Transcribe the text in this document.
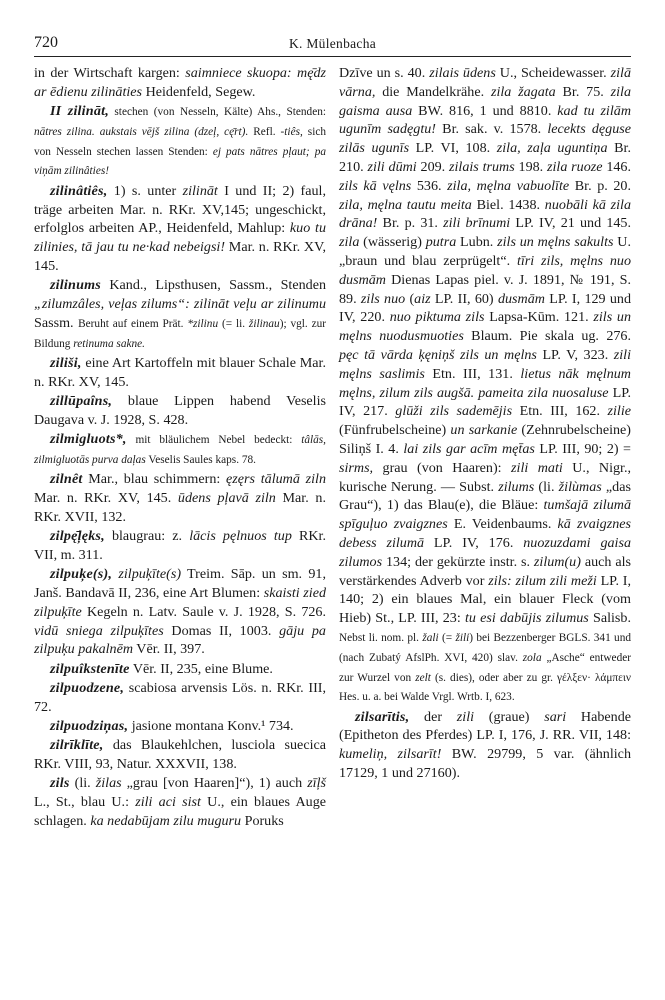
720	K. Mülenbacha

in der Wirtschaft kargen: saimniece skuopa: mę̄dz ar ēdienu zilinātіes Heidenfeld, Segew.

II zilināt, stechen (von Nesseln, Kälte) Ahs., Stenden: nātres zilina. aukstais vējš zilina (dzeļ, cę̄rt). Refl. -tiês, sich von Nesseln stechen lassen Stenden: ej pats nātres pļaut; pa viņām zilinâties!

zilinâtiês, 1) s. unter zilināt I und II; 2) faul, träge arbeiten Mar. n. RKr. XV,145; ungeschickt, erfolglos arbeiten AP., Heidenfeld, Mahlup: kuo tu zilinies, tā jau tu ne·kad nebeigsi! Mar. n. RKr. XV, 145.

zilinums Kand., Lipsthusen, Sassm., Stenden „zilumzâles, veļas zilums“: zilināt veļu ar zilinumu Sassm. Beruht auf einem Prät. *zilinu (= li. žilinau); vgl. zur Bildung retinuma sakne.

ziliši, eine Art Kartoffeln mit blauer Schale Mar. n. RKr. XV, 145.

zillūpaîns, blaue Lippen habend Veselis Daugava v. J. 1928, S. 428.

zilmigluots*, mit bläulichem Nebel bedeckt: tâlās, zilmigluotās purva daļas Veselis Saules kaps. 78.

zilnêt Mar., blau schimmern: ęzęrs tālumā ziln Mar. n. RKr. XV, 145. ūdens pļavā ziln Mar. n. RKr. XVII, 132.

zilpę̄ļęks, blaugrau: z. lācis pęlnuos tup RKr. VII, m. 311.

zilpuķe(s), zilpuķīte(s) Treim. Sāp. un sm. 91, Janš. Bandavā II, 236, eine Art Blumen: skaisti zied zilpuķīte Kegeln n. Latv. Saule v. J. 1928, S. 726. vidū sniega zilpuķītes Domas II, 1003. gāju pa zilpuķu pakalnēm Vēr. II, 397.

zilpuîkstenīte Vēr. II, 235, eine Blume.

zilpuodzene, scabiosa arvensis Lös. n. RKr. III, 72.

zilpuodziņas, jasione montana Konv.¹ 734.

zilrīklīte, das Blaukehlchen, lusciola suecica RKr. VIII, 93, Natur. XXXVII, 138.

zils (li. žilas „grau [von Haaren]“), 1) auch zīļš L., St., blau U.: zili aci sist U., ein blaues Auge schlagen. ka nedabūjam zilu muguru Poruks

Dzīve un s. 40. zilais ūdens U., Scheidewasser. zilā vārna, die Mandelkrähe. zila žagata Br. 75. zila gaisma ausa BW. 816, 1 und 8810. kad tu zilām ugunīm sadęgtu! Br. sak. v. 1578. lecekts dęguse zilās ugunīs LP. VI, 108. zila, zaļa uguntiņa Br. 210. zili dūmi 209. zilais trums 198. zila ruoze 146. zils kā vęlns 536. zila, męlna vabuolīte Br. p. 20. zila, męlna tautu meita Biel. 1438. nuobāli kā zila drāna! Br. p. 31. zili brīnumi LP. IV, 21 und 145. zila (wässerig) putra Lubn. zils un męlns sakults U. „braun und blau zerprügelt“. tīri zils, męlns nuo dusmām Dienas Lapas piel. v. J. 1891, № 191, S. 89. zils nuo (aiz LP. II, 60) dusmām LP. I, 129 und IV, 220. nuo piktuma zils Lapsa-Kūm. 121. zils un męlns nuodusmuoties Blaum. Pie skala ug. 276. pęc tā vārda ķęniņš zils un męlns LP. V, 323. zili męlns saslimis Etn. III, 131. lietus nāk męlnum męlns, zilum zils augšā. pameita zila nuosaluse LP. IV, 217. glūži zils sademējis Etn. III, 162. zilie (Fünfrubelscheine) un sarkanie (Zehnrubelscheine) Siliņš I. 4. lai zils gar acīm męt̄as LP. III, 90; 2) = sirms, grau (von Haaren): zili mati U., Nigr., kurische Nerung. — Subst. zilums (li. žilùmas „das Grau“), 1) das Blau(e), die Bläue: tumšajā zilumā spīguļuo zvaigznes E. Veidenbaums. kā zvaigznes debess zilumā LP. IV, 176. nuozuzdami gaisa zilumos 134; der gekürzte instr. s. zilum(u) auch als verstärkendes Adverb vor zils: zilum zili meži LP. I, 140; 2) ein blaues Mal, ein blauer Fleck (vom Hieb) St., LP. III, 23: tu esi dabūjis zilumus Salisb. Nebst li. nom. pl. žali (= žili) bei Bezzenberger BGLS. 341 und (nach Zubatý AfslPh. XVI, 420) slav. zola „Asche“ entweder zur Wurzel von zelt (s. dies), oder aber zu gr. γέλξεν· λάμπειν Hes. u. a. bei Walde Vrgl. Wrtb. I, 623.

zilsarītis, der zili (graue) sari Habende (Epitheton des Pferdes) LP. I, 176, J. RR. VII, 148: kumeliņ, zilsarīt! BW. 29799, 5 var. (ähnlich 17129, 1 und 27160).
